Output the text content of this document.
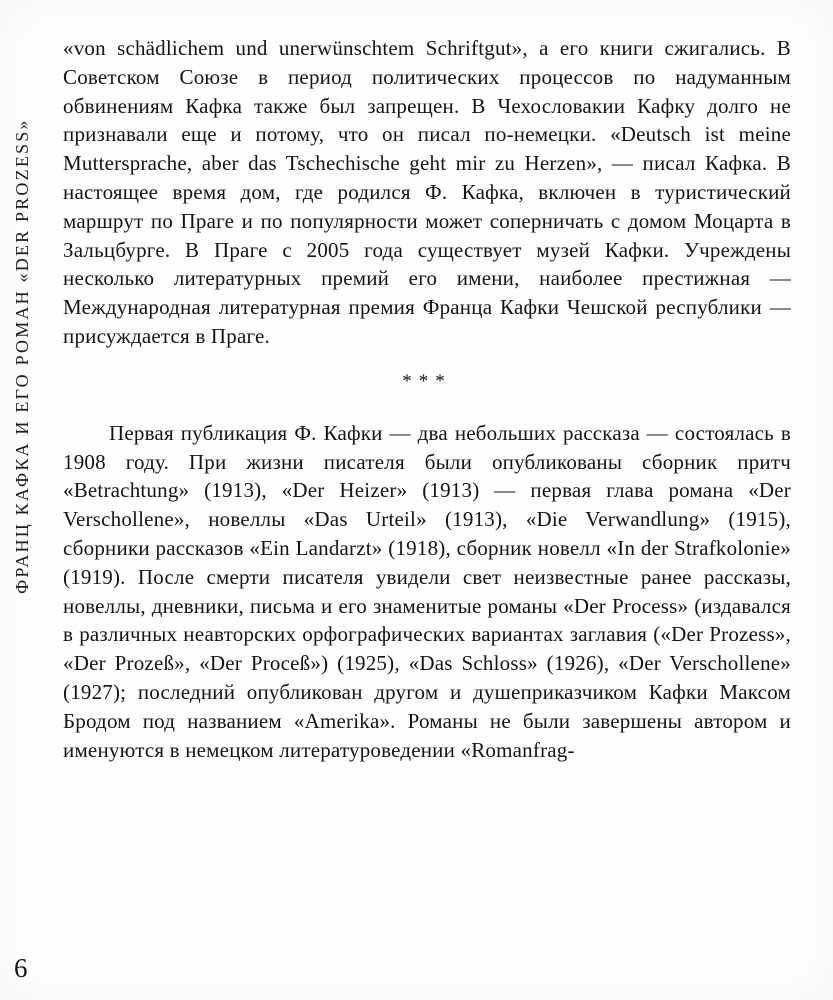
ФРАНЦ КАФКА И ЕГО РОМАН «DER PROZESS»

«von schädlichem und unerwünschtem Schriftgut», а его книги сжигались. В Советском Союзе в период политических процессов по надуманным обвинениям Кафка также был запрещен. В Чехословакии Кафку долго не признавали еще и потому, что он писал по-немецки. «Deutsch ist meine Muttersprache, aber das Tschechische geht mir zu Herzen», — писал Кафка. В настоящее время дом, где родился Ф. Кафка, включен в туристический маршрут по Праге и по популярности может соперничать с домом Моцарта в Зальцбурге. В Праге с 2005 года существует музей Кафки. Учреждены несколько литературных премий его имени, наиболее престижная — Международная литературная премия Франца Кафки Чешской республики — присуждается в Праге.

***

Первая публикация Ф. Кафки — два небольших рассказа — состоялась в 1908 году. При жизни писателя были опубликованы сборник притч «Betrachtung» (1913), «Der Heizer» (1913) — первая глава романа «Der Verschollene», новеллы «Das Urteil» (1913), «Die Verwandlung» (1915), сборники рассказов «Ein Landarzt» (1918), сборник новелл «In der Strafkolonie» (1919). После смерти писателя увидели свет неизвестные ранее рассказы, новеллы, дневники, письма и его знаменитые романы «Der Process» (издавался в различных неавторских орфографических вариантах заглавия («Der Prozess», «Der Prozeß», «Der Proceß») (1925), «Das Schloss» (1926), «Der Verschollene» (1927); последний опубликован другом и душеприказчиком Кафки Максом Бродом под названием «Amerika». Романы не были завершены автором и именуются в немецком литературоведении «Romanfrag-

6
